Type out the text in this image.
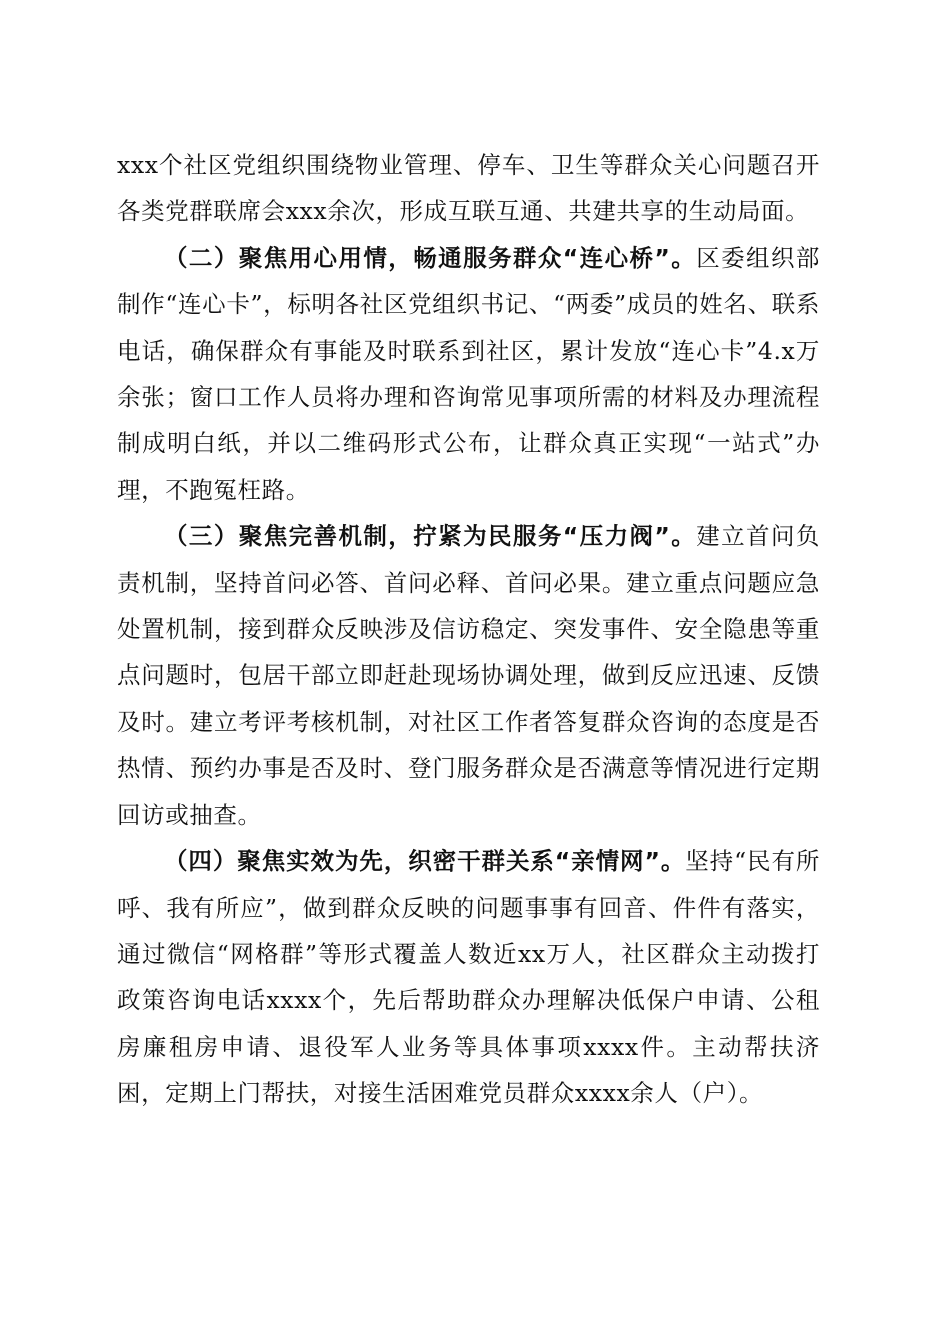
xxx个社区党组织围绕物业管理、停车、卫生等群众关心问题召开各类党群联席会xxx余次，形成互联互通、共建共享的生动局面。

（二）聚焦用心用情，畅通服务群众“连心桥”。区委组织部制作“连心卡”，标明各社区党组织书记、“两委”成员的姓名、联系电话，确保群众有事能及时联系到社区，累计发放“连心卡”4.x万余张；窗口工作人员将办理和咨询常见事项所需的材料及办理流程制成明白纸，并以二维码形式公布，让群众真正实现“一站式”办理，不跑冤枉路。

（三）聚焦完善机制，拧紧为民服务“压力阀”。建立首问负责机制，坚持首问必答、首问必释、首问必果。建立重点问题应急处置机制，接到群众反映涉及信访稳定、突发事件、安全隐患等重点问题时，包居干部立即赶赴现场协调处理，做到反应迅速、反馈及时。建立考评考核机制，对社区工作者答复群众咨询的态度是否热情、预约办事是否及时、登门服务群众是否满意等情况进行定期回访或抽查。

（四）聚焦实效为先，织密干群关系“亲情网”。坚持“民有所呼、我有所应”，做到群众反映的问题事事有回音、件件有落实，通过微信“网格群”等形式覆盖人数近xx万人，社区群众主动拨打政策咨询电话xxxx个，先后帮助群众办理解决低保户申请、公租房廉租房申请、退役军人业务等具体事项xxxx件。主动帮扶济困，定期上门帮扶，对接生活困难党员群众xxxx余人（户）。
